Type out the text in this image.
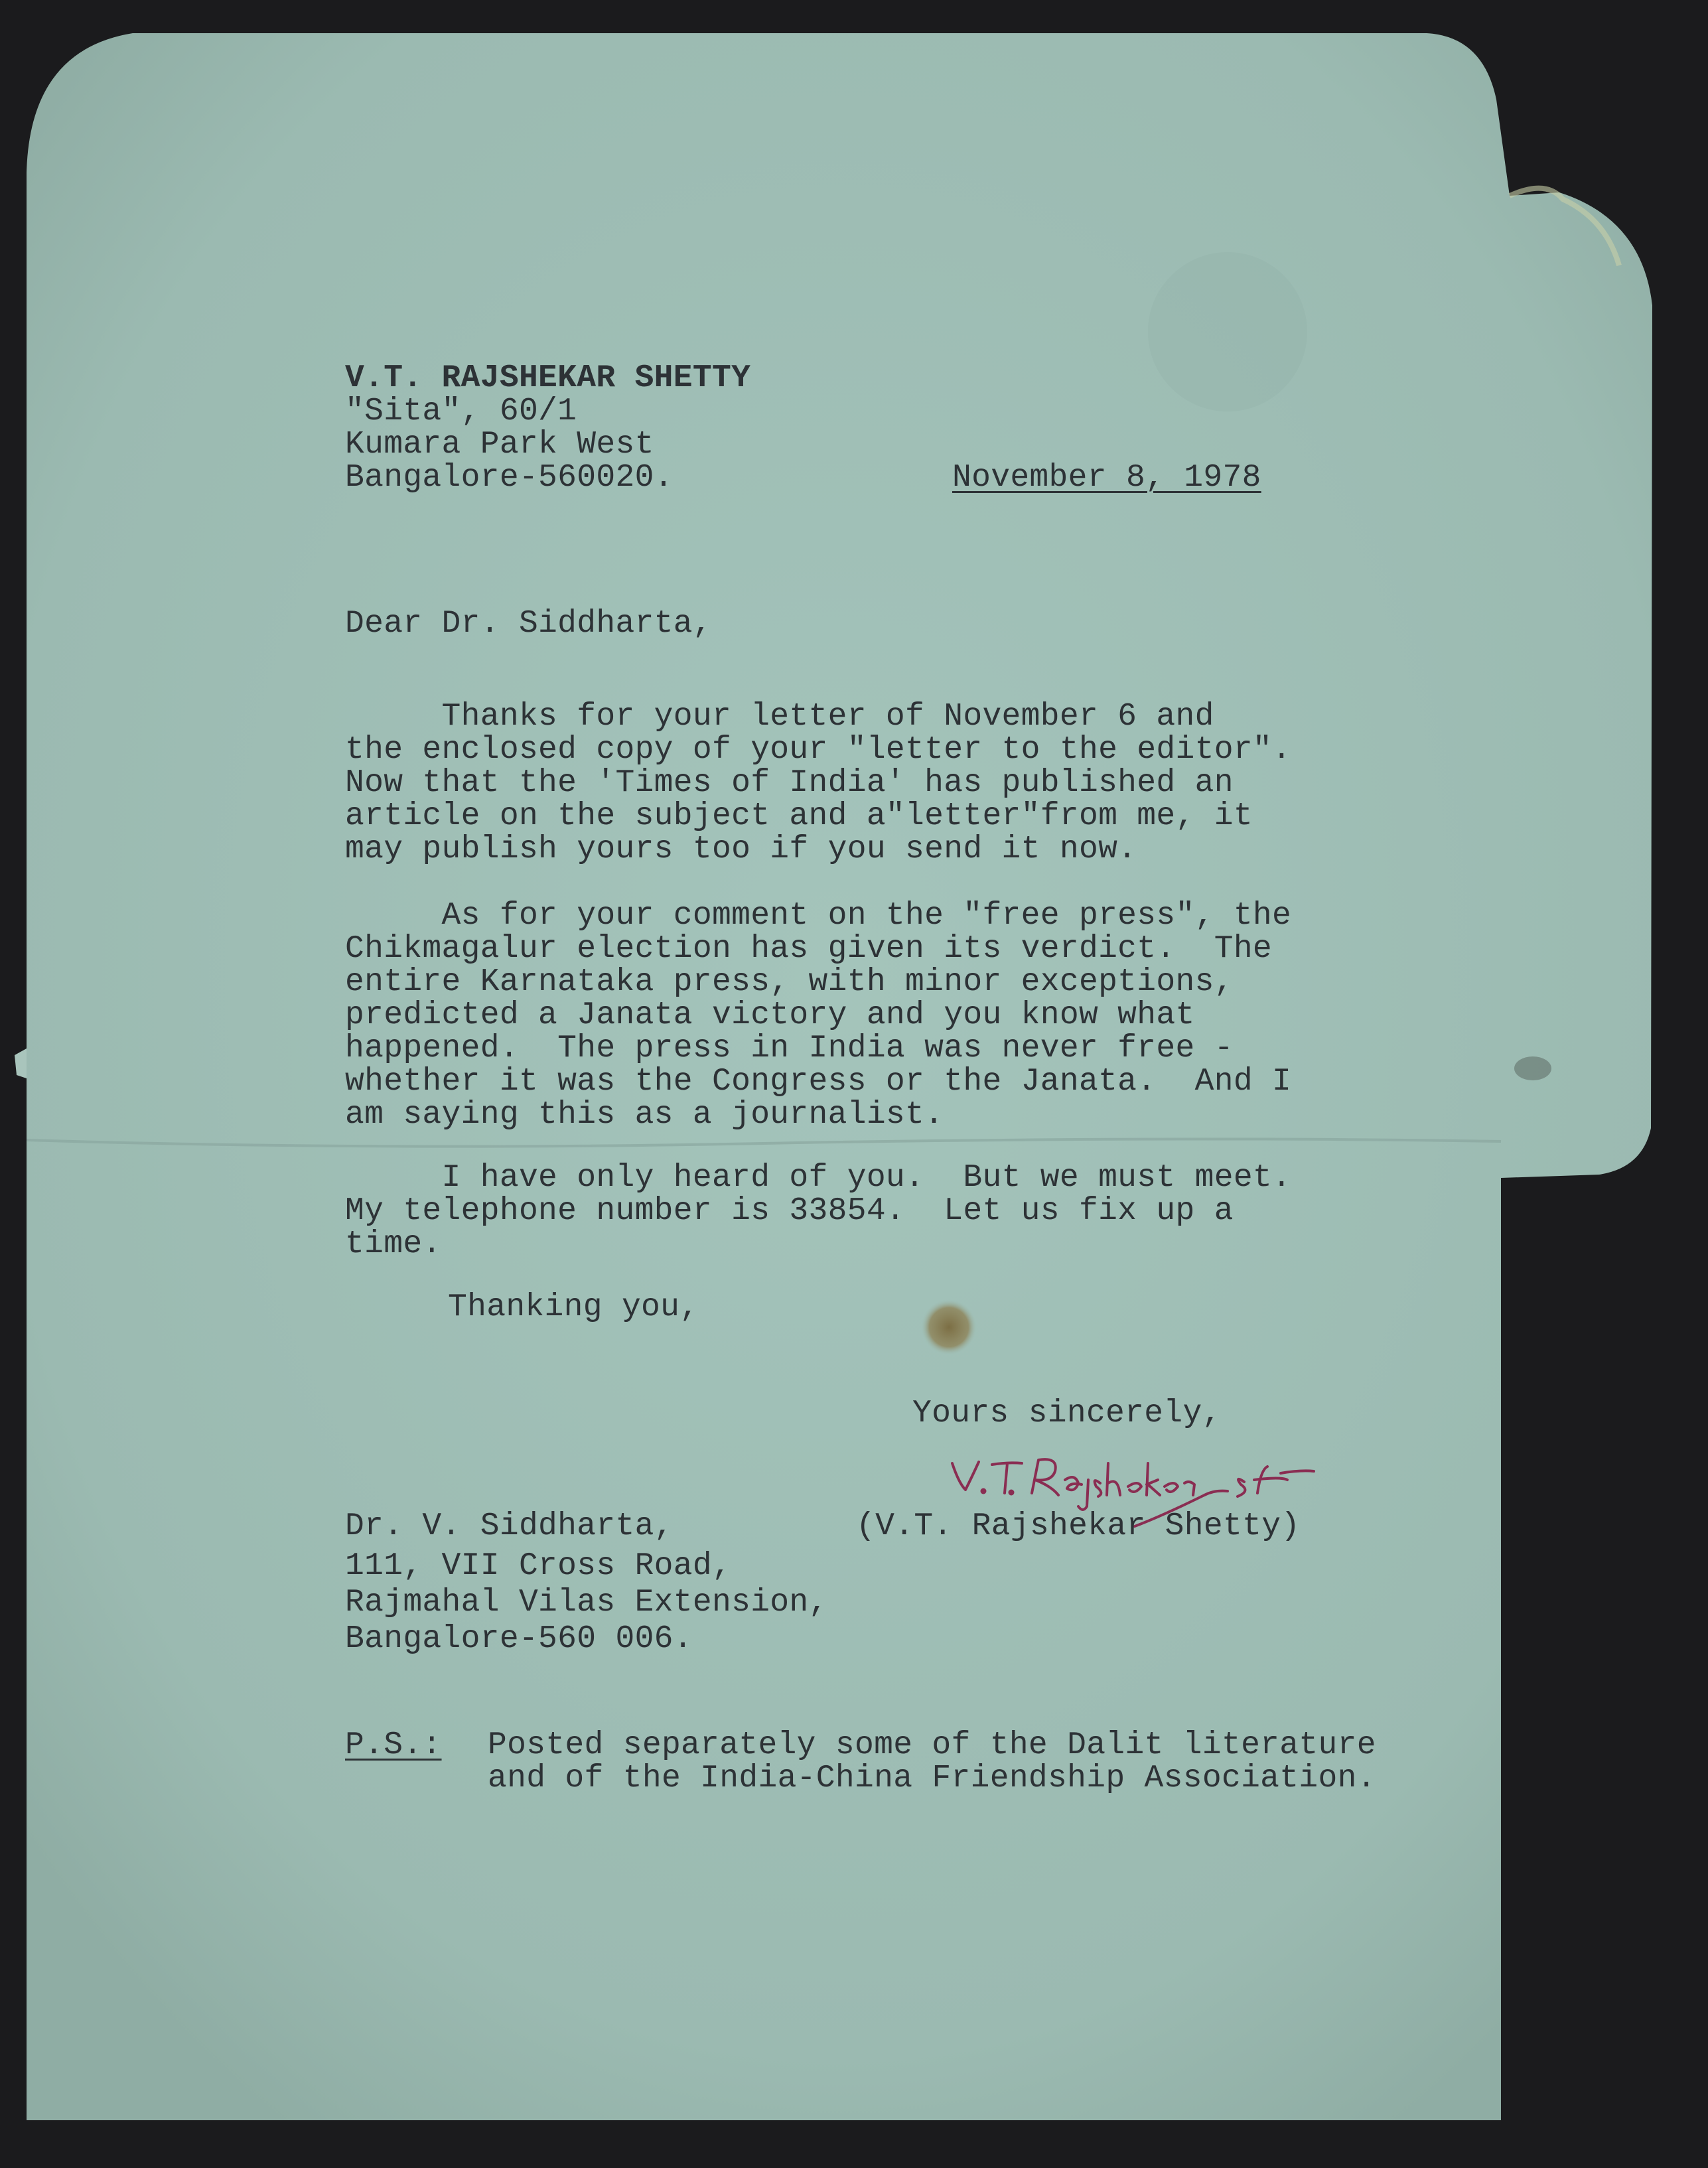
V.T. RAJSHEKAR SHETTY
"Sita", 60/1
Kumara Park West
Bangalore-560020.	November 8, 1978
Dear Dr. Siddharta,
Thanks for your letter of November 6 and
the enclosed copy of your "letter to the editor".
Now that the 'Times of India' has published an
article on the subject and a"letter"from me, it
may publish yours too if you send it now.
As for your comment on the "free press", the
Chikmagalur election has given its verdict.  The
entire Karnataka press, with minor exceptions,
predicted a Janata victory and you know what
happened.  The press in India was never free -
whether it was the Congress or the Janata.  And I
am saying this as a journalist.
I have only heard of you.  But we must meet.
My telephone number is 33854.  Let us fix up a
time.
Thanking you,
Yours sincerely,
Dr. V. Siddharta,
111, VII Cross Road,
Rajmahal Vilas Extension,
Bangalore-560 006.
(V.T. Rajshekar Shetty)
P.S.: Posted separately some of the Dalit literature
and of the India-China Friendship Association.
